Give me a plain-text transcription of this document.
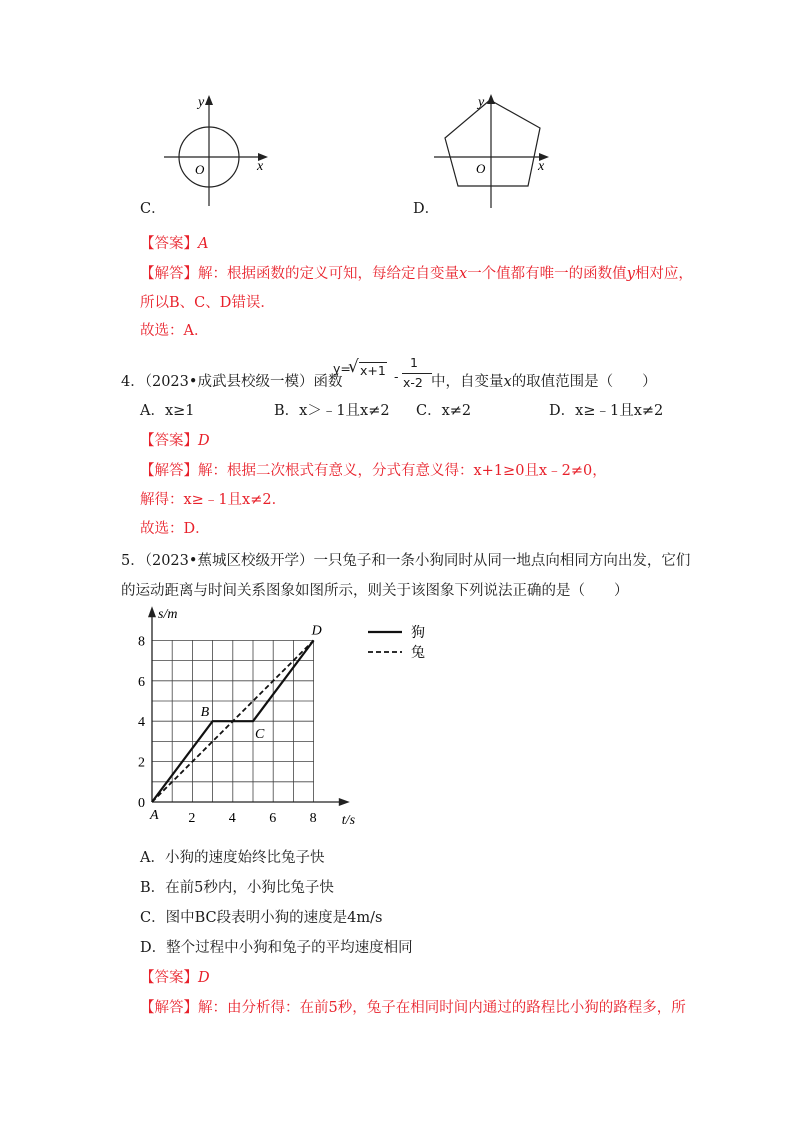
y
x
O
C．
y
x
O
D．
【答案】A
【解答】解：根据函数的定义可知，每给定自变量x一个值都有唯一的函数值y相对应，
所以B、C、D错误．
故选：A．
4．（2023•成武县校级一模）函数
y=
√ x+1 -
1
x-2 中，自变量x的取值范围是（　　）
A．x≥1	B．x＞﹣1且x≠2 C．x≠2	D．x≥﹣1且x≠2
【答案】D
【解答】解：根据二次根式有意义，分式有意义得：x+1≥0且x﹣2≠0，
解得：x≥﹣1且x≠2．
故选：D．
5．（2023•蕉城区校级开学）一只兔子和一条小狗同时从同一地点向相同方向出发，它们
的运动距离与时间关系图象如图所示，则关于该图象下列说法正确的是（　　）
2 4 6 8
2
4
6
8
0
t/s
s/m
A
B
C
D	狗
兔
A．小狗的速度始终比兔子快
B．在前5秒内，小狗比兔子快
C．图中BC段表明小狗的速度是4m/s
D．整个过程中小狗和兔子的平均速度相同
【答案】D
【解答】解：由分析得：在前5秒，兔子在相同时间内通过的路程比小狗的路程多，所
